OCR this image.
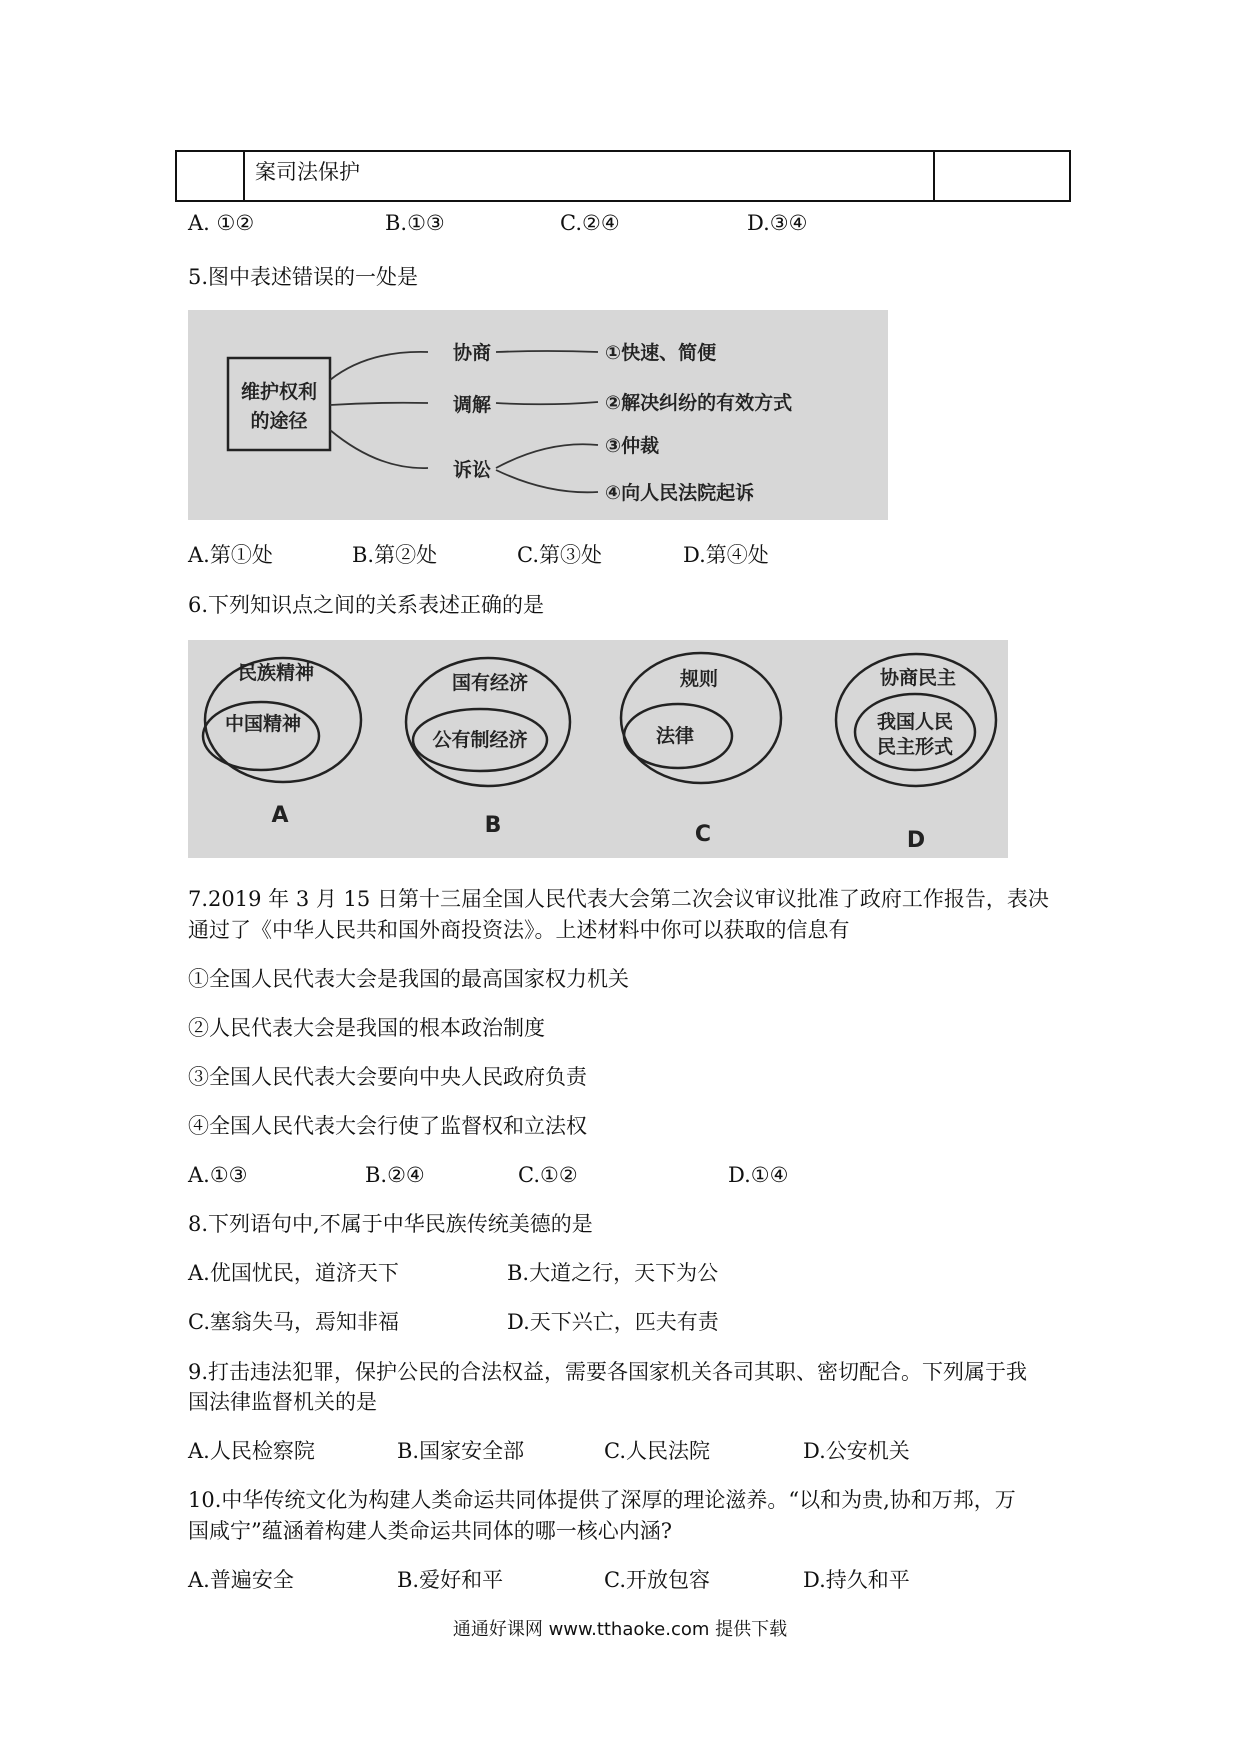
案司法保护
A. ①②	B.①③	C.②④	D.③④
5.图中表述错误的一处是
维护权利
的途径
协商
调解
诉讼
①快速、简便
②解决纠纷的有效方式
③仲裁
④向人民法院起诉
A.第①处	B.第②处	C.第③处	D.第④处
6.下列知识点之间的关系表述正确的是
民族精神
中国精神
A
国有经济
公有制经济
B
规则
法律
C
协商民主
我国人民
民主形式
D
7.2019 年 3 月 15 日第十三届全国人民代表大会第二次会议审议批准了政府工作报告，表决
通过了《中华人民共和国外商投资法》。上述材料中你可以获取的信息有
①全国人民代表大会是我国的最高国家权力机关
②人民代表大会是我国的根本政治制度
③全国人民代表大会要向中央人民政府负责
④全国人民代表大会行使了监督权和立法权
A.①③	B.②④	C.①②	D.①④
8.下列语句中,不属于中华民族传统美德的是
A.优国忧民，道济天下	B.大道之行，天下为公
C.塞翁失马，焉知非福	D.天下兴亡，匹夫有责
9.打击违法犯罪，保护公民的合法权益，需要各国家机关各司其职、密切配合。下列属于我
国法律监督机关的是
A.人民检察院	B.国家安全部	C.人民法院	D.公安机关
10.中华传统文化为构建人类命运共同体提供了深厚的理论滋养。“以和为贵,协和万邦，万
国咸宁”蕴涵着构建人类命运共同体的哪一核心内涵?
A.普遍安全	B.爱好和平	C.开放包容	D.持久和平
通通好课网 www.tthaoke.com 提供下载
